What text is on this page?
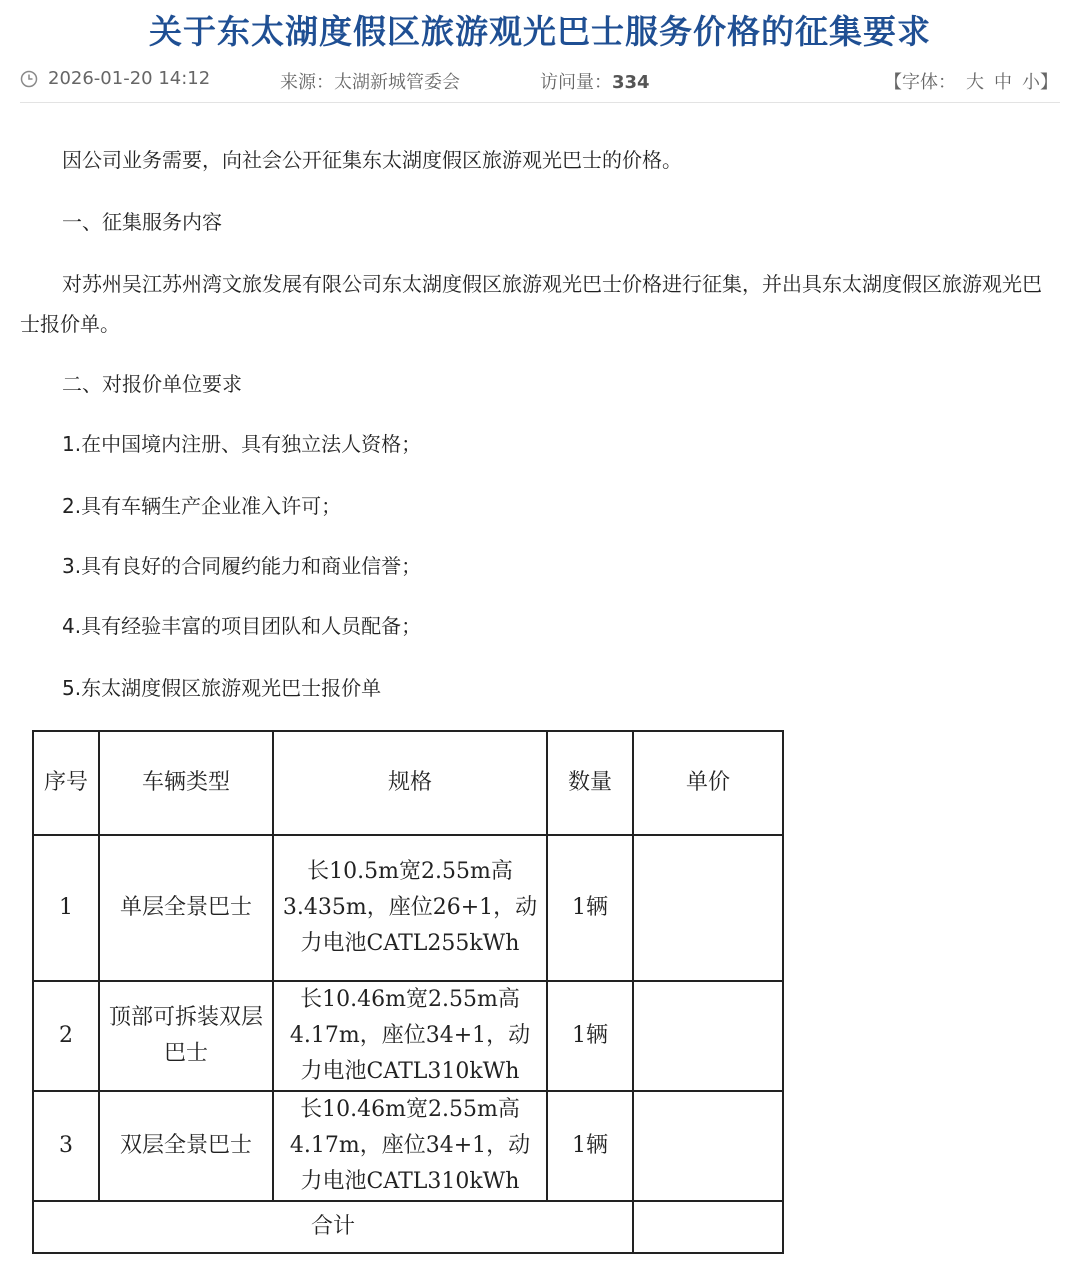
关于东太湖度假区旅游观光巴士服务价格的征集要求
2026-01-20 14:12	来源：太湖新城管委会	访问量：334	【字体： 大 中 小】
因公司业务需要，向社会公开征集东太湖度假区旅游观光巴士的价格。
一、征集服务内容
对苏州吴江苏州湾文旅发展有限公司东太湖度假区旅游观光巴士价格进行征集，并出具东太湖度假区旅游观光巴士报价单。
二、对报价单位要求
1.在中国境内注册、具有独立法人资格；
2.具有车辆生产企业准入许可；
3.具有良好的合同履约能力和商业信誉；
4.具有经验丰富的项目团队和人员配备；
5.东太湖度假区旅游观光巴士报价单
序号	车辆类型	规格	数量	单价
1	单层全景巴士	长10.5m宽2.55m高3.435m，座位26+1，动力电池CATL255kWh	1辆	
2	顶部可拆装双层巴士	长10.46m宽2.55m高4.17m，座位34+1，动力电池CATL310kWh	1辆	
3	双层全景巴士	长10.46m宽2.55m高4.17m，座位34+1，动力电池CATL310kWh	1辆	
合计				
